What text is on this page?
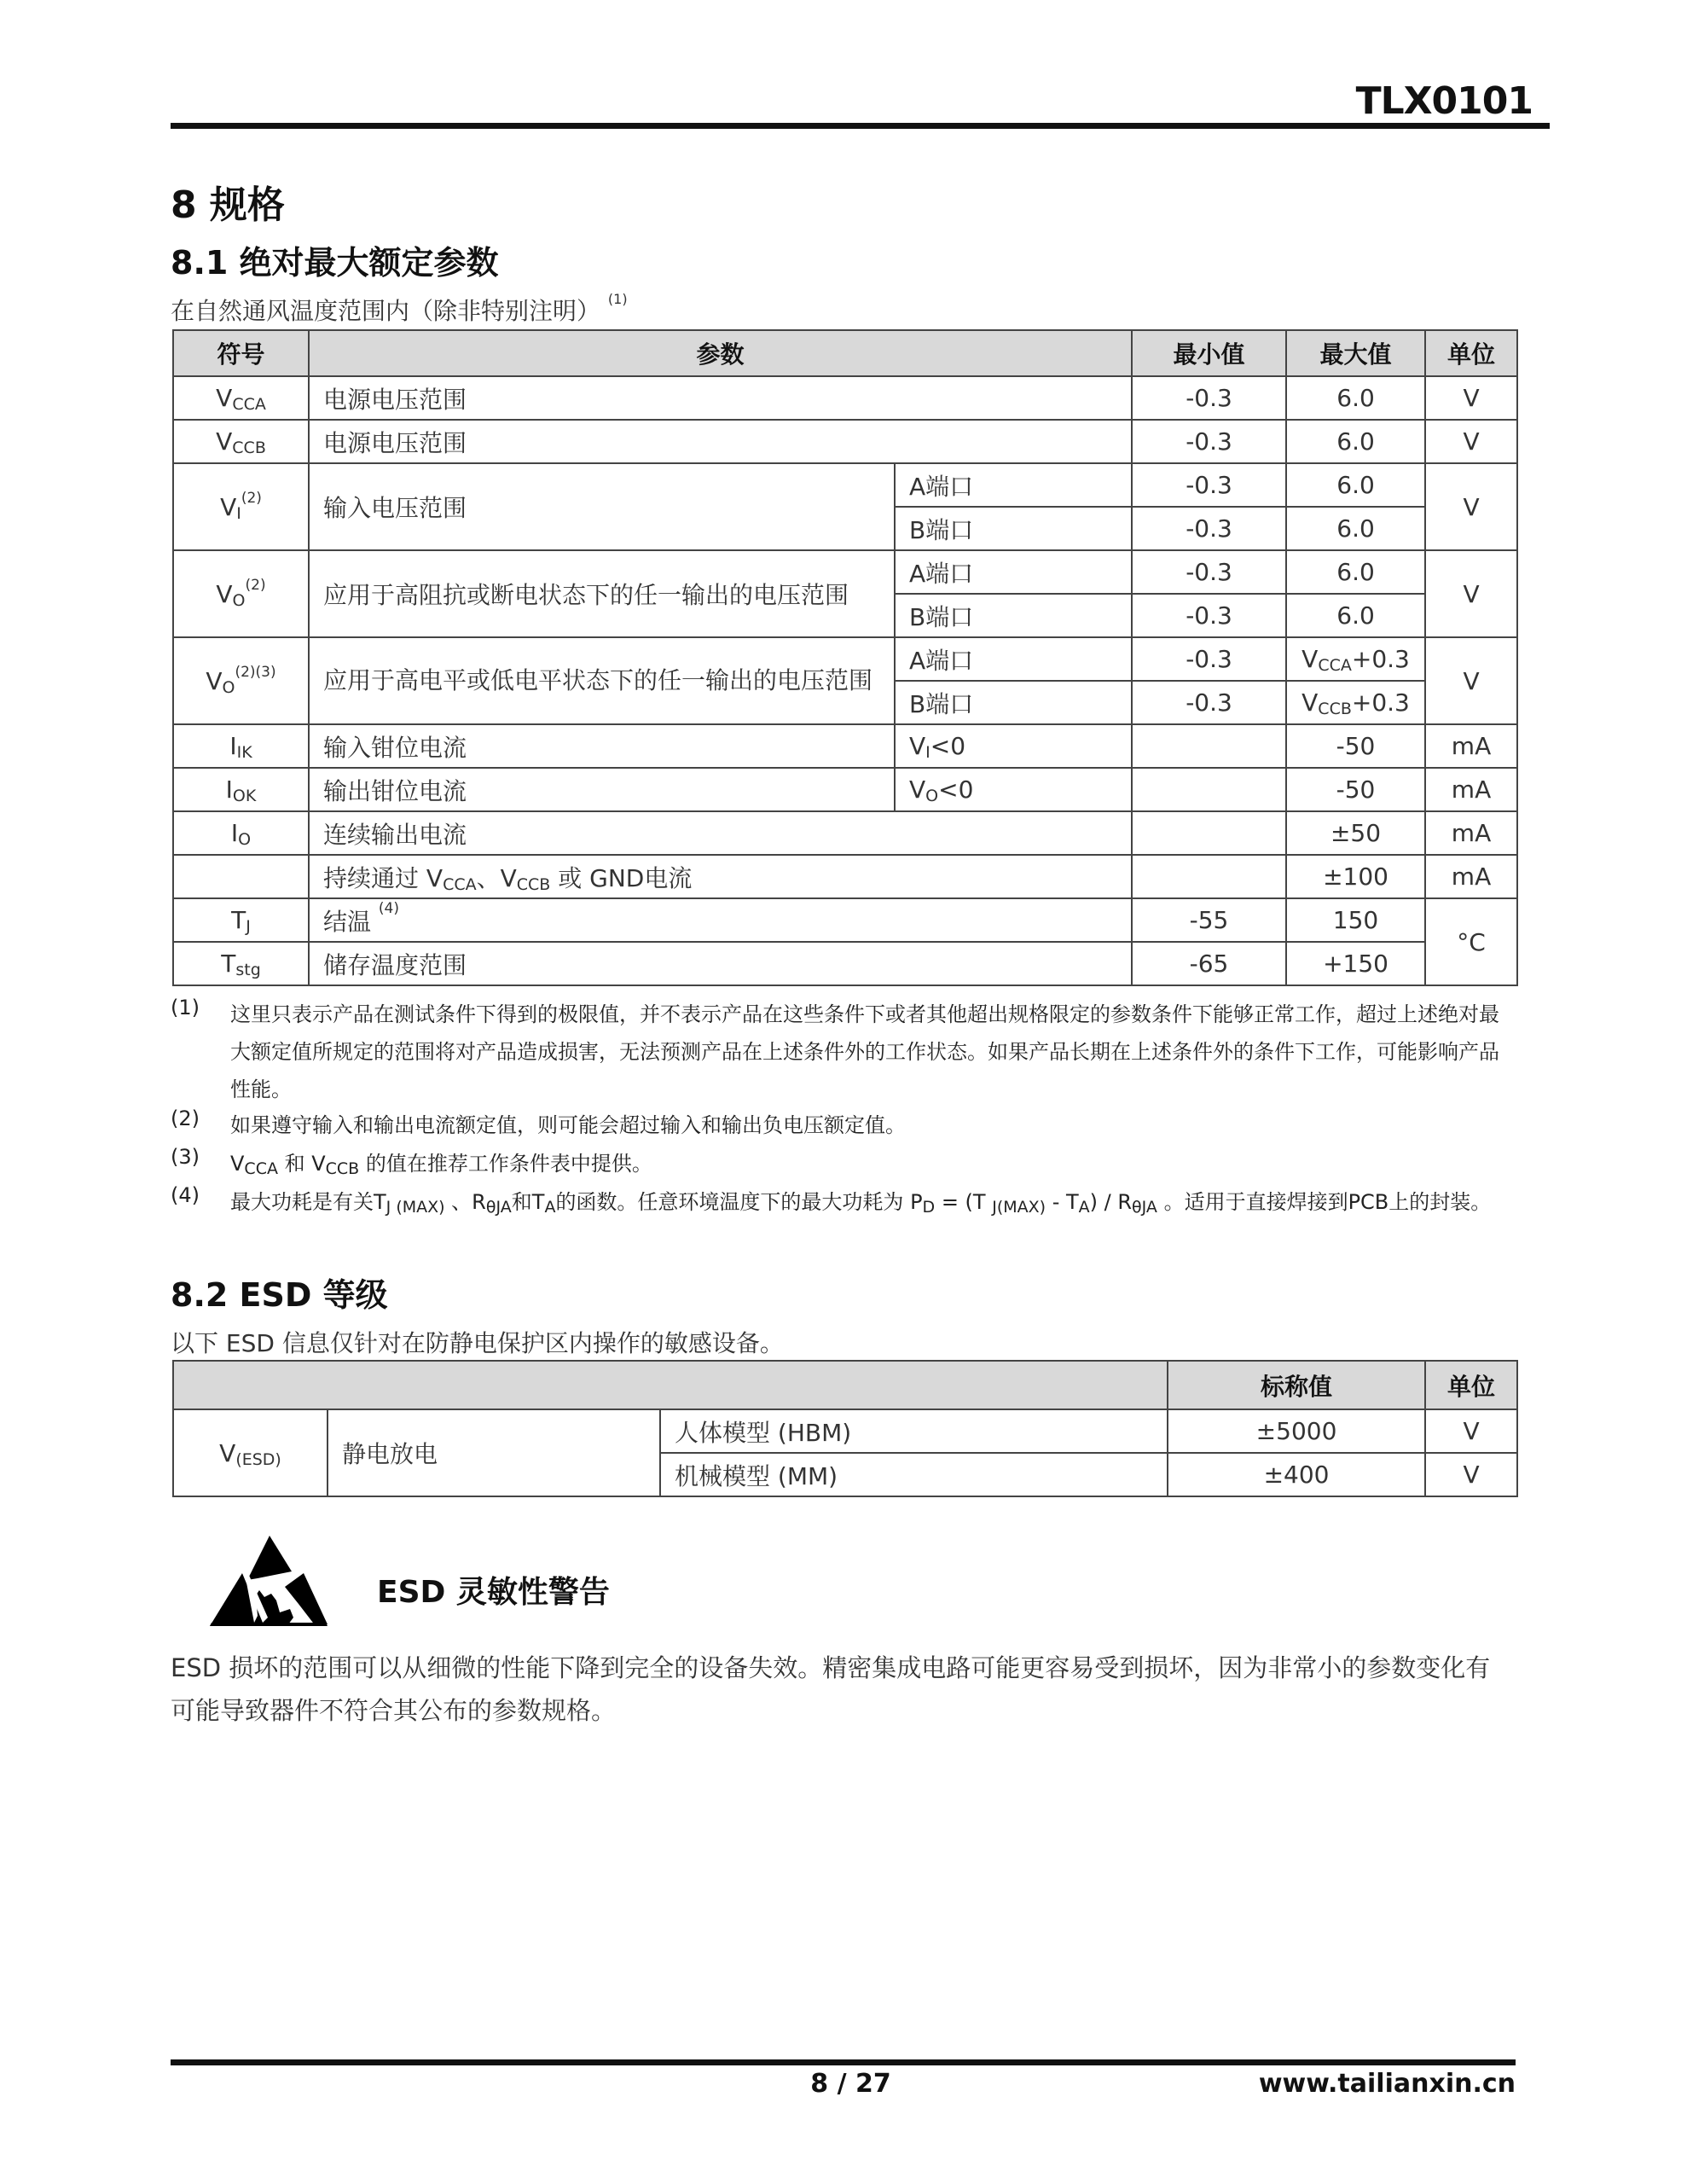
TLX0101
8 规格
8.1 绝对最大额定参数
在自然通风温度范围内（除非特别注明） $^{(1)}$
符号	参数		最小值	最大值	单位
$V_{CCA}$	电源电压范围		-0.3	6.0	V
$V_{CCB}$	电源电压范围		-0.3	6.0	V
$V_I^{(2)}$	输入电压范围	A端口	-0.3	6.0	V
		B端口	-0.3	6.0	
$V_O^{(2)}$	应用于高阻抗或断电状态下的任一输出的电压范围	A端口	-0.3	6.0	V
		B端口	-0.3	6.0	
$V_O^{(2)(3)}$	应用于高电平或低电平状态下的任一输出的电压范围	A端口	-0.3	$V_{CCA}+0.3$	V
		B端口	-0.3	$V_{CCB}+0.3$	
$I_{IK}$	输入钳位电流	$V_I<0$		-50	mA
$I_{OK}$	输出钳位电流	$V_O<0$		-50	mA
$I_O$	连续输出电流			±50	mA
	持续通过 $V_{CCA}$、$V_{CCB}$ 或 GND电流			±100	mA
$T_J$	结温 $^{(4)}$		-55	150	°C
$T_{stg}$	储存温度范围		-65	+150	
(1) 这里只表示产品在测试条件下得到的极限值，并不表示产品在这些条件下或者其他超出规格限定的参数条件下能够正常工作，超过上述绝对最大额定值所规定的范围将对产品造成损害，无法预测产品在上述条件外的工作状态。如果产品长期在上述条件外的条件下工作，可能影响产品性能。
(2) 如果遵守输入和输出电流额定值，则可能会超过输入和输出负电压额定值。
(3) $V_{CCA}$ 和 $V_{CCB}$ 的值在推荐工作条件表中提供。
(4) 最大功耗是有关$T_{J (MAX)}$ 、$R_{\theta JA}$和$T_A$的函数。任意环境温度下的最大功耗为 $P_D = (T$ $_{J(MAX)} - T_A) / R_{\theta JA}$ 。适用于直接焊接到PCB上的封装。
8.2 ESD 等级
以下 ESD 信息仅针对在防静电保护区内操作的敏感设备。
			标称值	单位
$V_{(ESD)}$	静电放电	人体模型 (HBM)	±5000	V
		机械模型 (MM)	±400	V
ESD 灵敏性警告
ESD 损坏的范围可以从细微的性能下降到完全的设备失效。精密集成电路可能更容易受到损坏，因为非常小的参数变化有可能导致器件不符合其公布的参数规格。
8 / 27	www.tailianxin.cn
